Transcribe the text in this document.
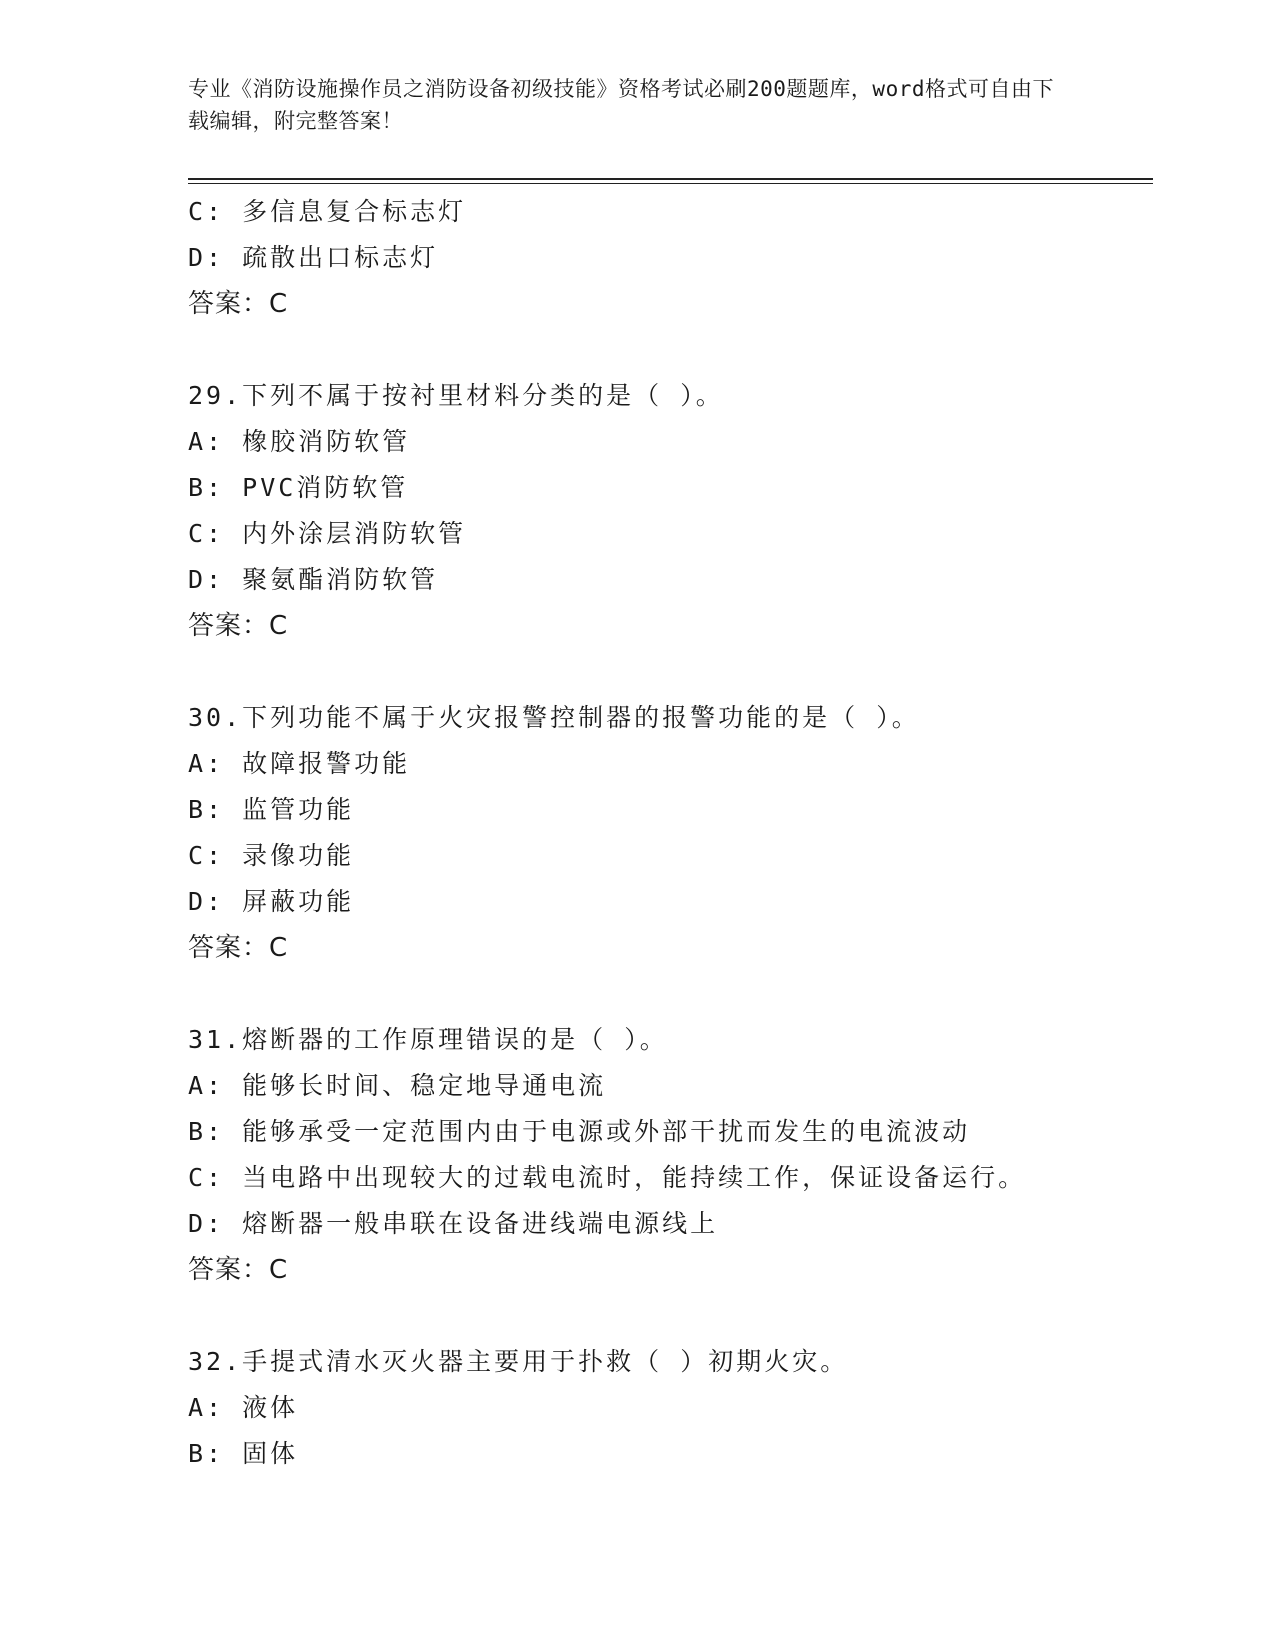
专业《消防设施操作员之消防设备初级技能》资格考试必刷200题题库，word格式可自由下载编辑，附完整答案！
C: 多信息复合标志灯
D: 疏散出口标志灯
答案：C
29.下列不属于按衬里材料分类的是（ ）。
A: 橡胶消防软管
B: PVC消防软管
C: 内外涂层消防软管
D: 聚氨酯消防软管
答案：C
30.下列功能不属于火灾报警控制器的报警功能的是（ ）。
A: 故障报警功能
B: 监管功能
C: 录像功能
D: 屏蔽功能
答案：C
31.熔断器的工作原理错误的是（ ）。
A: 能够长时间、稳定地导通电流
B: 能够承受一定范围内由于电源或外部干扰而发生的电流波动
C: 当电路中出现较大的过载电流时，能持续工作，保证设备运行。
D: 熔断器一般串联在设备进线端电源线上
答案：C
32.手提式清水灭火器主要用于扑救（ ）初期火灾。
A: 液体
B: 固体
